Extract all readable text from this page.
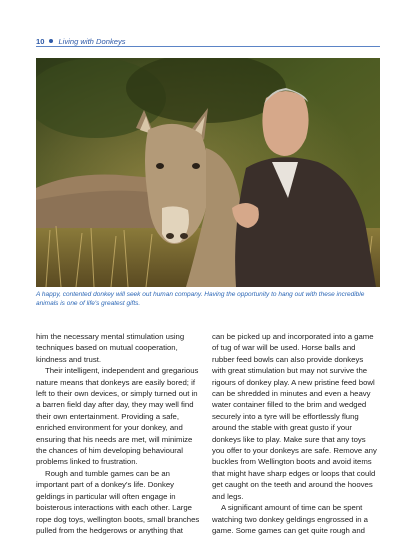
10 Living with Donkeys
A happy, contented donkey will seek out human company. Having the opportunity to hang out with these incredible animals is one of life's greatest gifts.

him the necessary mental stimulation using techniques based on mutual cooperation, kindness and trust.

Their intelligent, independent and gregarious nature means that donkeys are easily bored; if left to their own devices, or simply turned out in a barren field day after day, they may well find their own entertainment. Providing a safe, enriched environment for your donkey, and ensuring that his needs are met, will minimize the chances of him developing behavioural problems linked to frustration.

Rough and tumble games can be an important part of a donkey's life. Donkey geldings in particular will often engage in boisterous interactions with each other. Large rope dog toys, wellington boots, small branches pulled from the hedgerows or anything that

can be picked up and incorporated into a game of tug of war will be used. Horse balls and rubber feed bowls can also provide donkeys with great stimulation but may not survive the rigours of donkey play. A new pristine feed bowl can be shredded in minutes and even a heavy water container filled to the brim and wedged securely into a tyre will be effortlessly flung around the stable with great gusto if your donkeys like to play. Make sure that any toys you offer to your donkeys are safe. Remove any buckles from Wellington boots and avoid items that might have sharp edges or loops that could get caught on the teeth and around the hooves and legs.

A significant amount of time can be spent watching two donkey geldings engrossed in a game. Some games can get quite rough and
